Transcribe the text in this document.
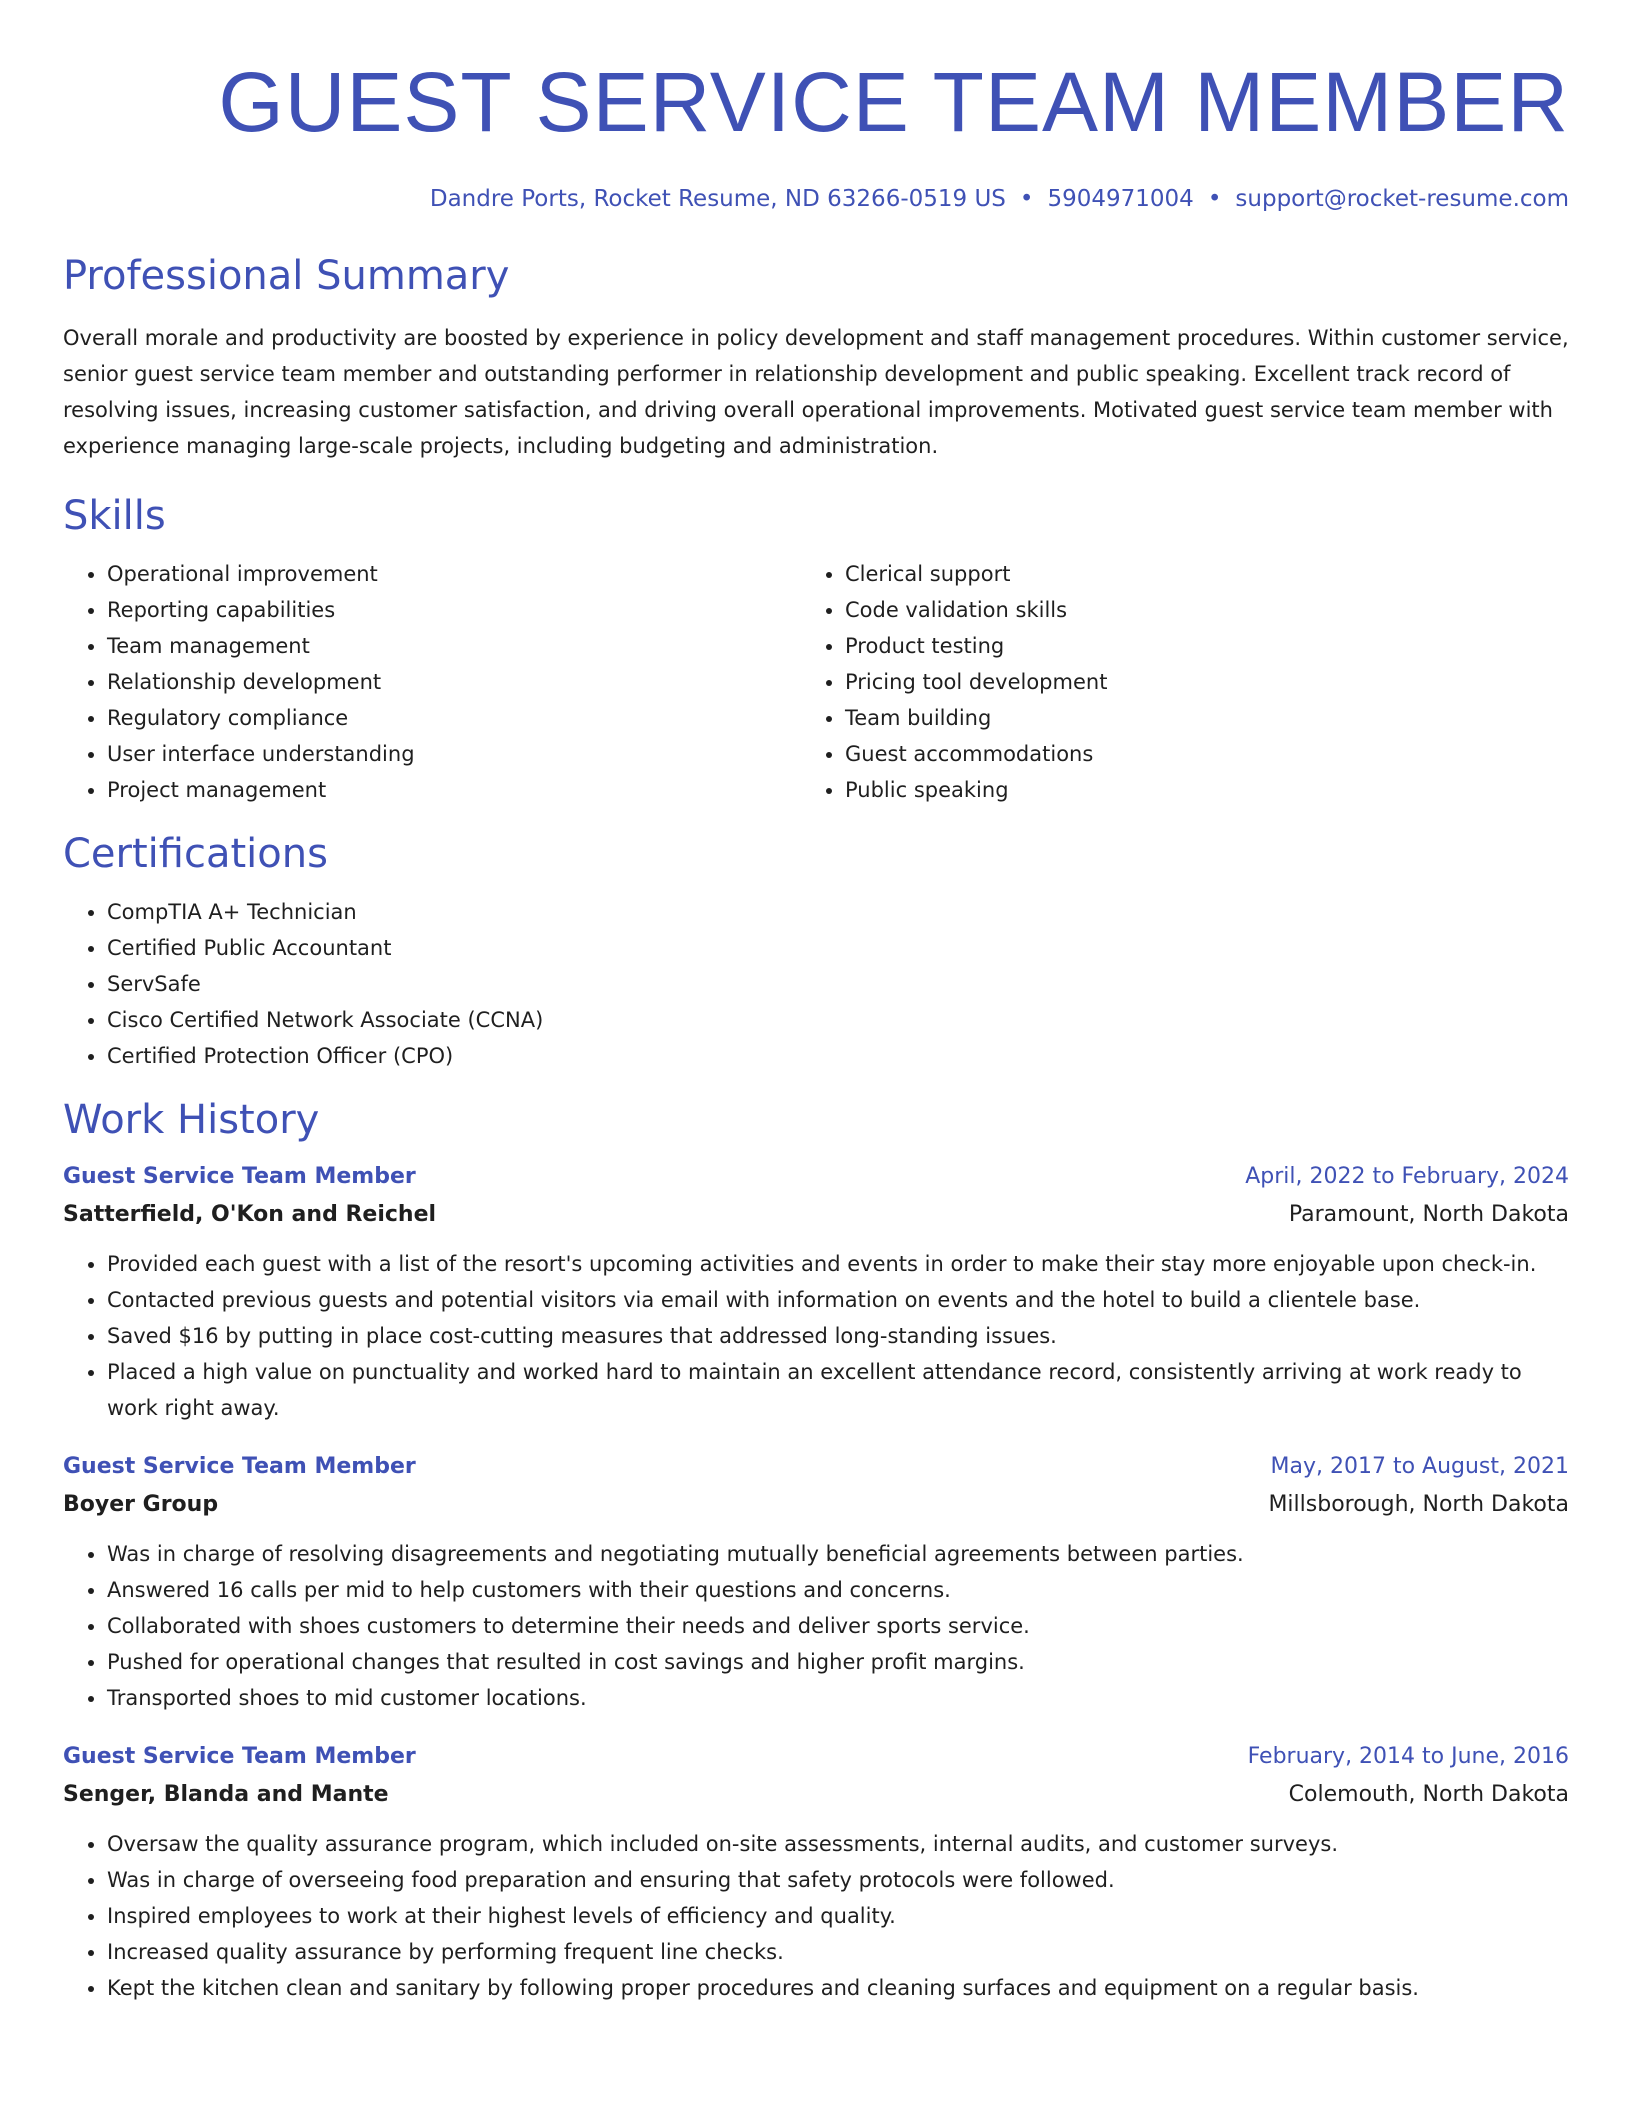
GUEST SERVICE TEAM MEMBER
Dandre Ports, Rocket Resume, ND 63266-0519 US • 5904971004 • support@rocket-resume.com
Professional Summary
Overall morale and productivity are boosted by experience in policy development and staff management procedures. Within customer service, senior guest service team member and outstanding performer in relationship development and public speaking. Excellent track record of resolving issues, increasing customer satisfaction, and driving overall operational improvements. Motivated guest service team member with experience managing large-scale projects, including budgeting and administration.
Skills
• Operational improvement
• Reporting capabilities
• Team management
• Relationship development
• Regulatory compliance
• User interface understanding
• Project management
• Clerical support
• Code validation skills
• Product testing
• Pricing tool development
• Team building
• Guest accommodations
• Public speaking
Certifications
• CompTIA A+ Technician
• Certified Public Accountant
• ServSafe
• Cisco Certified Network Associate (CCNA)
• Certified Protection Officer (CPO)
Work History
Guest Service Team Member	April, 2022 to February, 2024
Satterfield, O'Kon and Reichel	Paramount, North Dakota
• Provided each guest with a list of the resort's upcoming activities and events in order to make their stay more enjoyable upon check-in.
• Contacted previous guests and potential visitors via email with information on events and the hotel to build a clientele base.
• Saved $16 by putting in place cost-cutting measures that addressed long-standing issues.
• Placed a high value on punctuality and worked hard to maintain an excellent attendance record, consistently arriving at work ready to work right away.
Guest Service Team Member	May, 2017 to August, 2021
Boyer Group	Millsborough, North Dakota
• Was in charge of resolving disagreements and negotiating mutually beneficial agreements between parties.
• Answered 16 calls per mid to help customers with their questions and concerns.
• Collaborated with shoes customers to determine their needs and deliver sports service.
• Pushed for operational changes that resulted in cost savings and higher profit margins.
• Transported shoes to mid customer locations.
Guest Service Team Member	February, 2014 to June, 2016
Senger, Blanda and Mante	Colemouth, North Dakota
• Oversaw the quality assurance program, which included on-site assessments, internal audits, and customer surveys.
• Was in charge of overseeing food preparation and ensuring that safety protocols were followed.
• Inspired employees to work at their highest levels of efficiency and quality.
• Increased quality assurance by performing frequent line checks.
• Kept the kitchen clean and sanitary by following proper procedures and cleaning surfaces and equipment on a regular basis.
